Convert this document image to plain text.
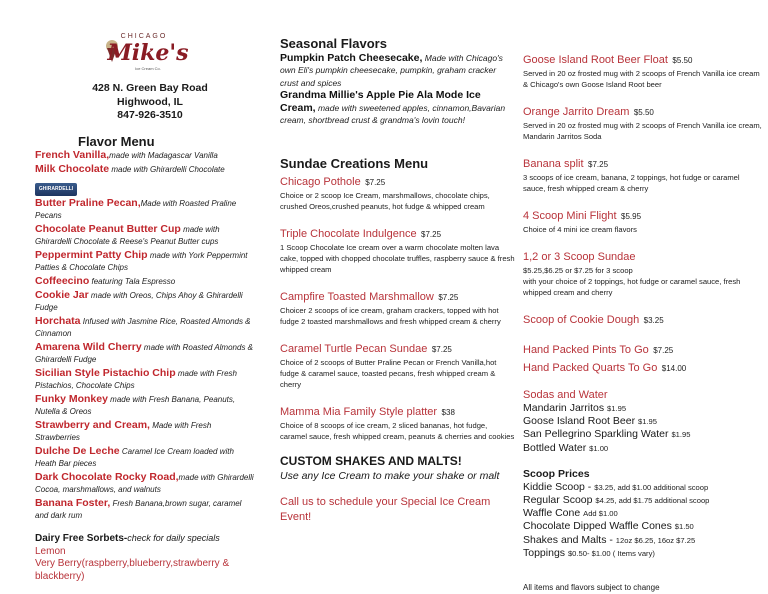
CHICAGO
Mike's
Ice Cream Co.
428 N. Green Bay Road
Highwood, IL
847-926-3510
Flavor Menu
French Vanilla,made with Madagascar Vanilla
Milk Chocolate made with Ghirardelli Chocolate
GHIRARDELLI
Butter Praline Pecan,Made with Roasted Praline Pecans
Chocolate Peanut Butter Cup made with Ghirardelli Chocolate & Reese's Peanut Butter cups
Peppermint Patty Chip made with York Peppermint Patties & Chocolate Chips
Coffeecino featuring Tala Espresso
Cookie Jar made with Oreos, Chips Ahoy & Ghirardelli Fudge
Horchata Infused with Jasmine Rice, Roasted Almonds & Cinnamon
Amarena Wild Cherry made with Roasted Almonds & Ghirardelli Fudge
Sicilian Style Pistachio Chip made with Fresh Pistachios, Chocolate Chips
Funky Monkey made with Fresh Banana, Peanuts, Nutella & Oreos
Strawberry and Cream, Made with Fresh Strawberries
Dulche De Leche Caramel Ice Cream loaded with Heath Bar pieces
Dark Chocolate Rocky Road,made with Ghirardelli Cocoa, marshmallows, and walnuts
Banana Foster, Fresh Banana,brown sugar, caramel and dark rum
Dairy Free Sorbets-check for daily specials
Lemon
Very Berry(raspberry,blueberry,strawberry & blackberry)
Seasonal Flavors
Pumpkin Patch Cheesecake, Made with Chicago's own Eli's pumpkin cheesecake, pumpkin, graham cracker crust and spices
Grandma Millie's Apple Pie Ala Mode Ice Cream, made with sweetened apples, cinnamon,Bavarian cream, shortbread crust & grandma's lovin touch!
Sundae Creations Menu
Chicago Pothole $7.25
Choice or 2 scoop Ice Cream, marshmallows, chocolate chips, crushed Oreos,crushed peanuts, hot fudge & whipped cream
Triple Chocolate Indulgence $7.25
1 Scoop Chocolate Ice cream over a warm chocolate molten lava cake, topped with chopped chocolate truffles, raspberry sauce & fresh whipped cream
Campfire Toasted Marshmallow $7.25
Choicer 2 scoops of ice cream, graham crackers, topped with hot fudge 2 toasted marshmallows and fresh whipped cream & cherry
Caramel Turtle Pecan Sundae $7.25
Choice of 2 scoops of Butter Praline Pecan or French Vanilla,hot fudge & caramel sauce, toasted pecans, fresh whipped cream & cherry
Mamma Mia Family Style platter $38
Choice of 8 scoops of ice cream, 2 sliced bananas, hot fudge, caramel sauce, fresh whipped cream, peanuts & cherries and cookies
CUSTOM SHAKES AND MALTS!
Use any Ice Cream to make your shake or malt
Call us to schedule your Special Ice Cream Event!
Goose Island Root Beer Float $5.50
Served in 20 oz frosted mug with 2 scoops of French Vanilla ice cream & Chicago's own Goose Island Root beer
Orange Jarrito Dream $5.50
Served in 20 oz frosted mug with 2 scoops of French Vanilla ice cream, Mandarin Jarritos Soda
Banana split $7.25
3 scoops of ice cream, banana, 2 toppings, hot fudge or caramel sauce, fresh whipped cream & cherry
4 Scoop Mini Flight $5.95
Choice of 4 mini ice cream flavors
1,2 or 3 Scoop Sundae
$5.25,$6.25 or $7.25 for 3 scoop
with your choice of 2 toppings, hot fudge or caramel sauce, fresh whipped cream and cherry
Scoop of Cookie Dough $3.25
Hand Packed Pints To Go $7.25
Hand Packed Quarts To Go $14.00
Sodas and Water
Mandarin Jarritos $1.95
Goose Island Root Beer $1.95
San Pellegrino Sparkling Water $1.95
Bottled Water $1.00
Scoop Prices
Kiddie Scoop - $3.25, add $1.00 additional scoop
Regular Scoop $4.25, add $1.75 additional scoop
Waffle Cone Add $1.00
Chocolate Dipped Waffle Cones $1.50
Shakes and Malts - 12oz $6.25, 16oz $7.25
Toppings $0.50- $1.00 ( Items vary)
All items and flavors subject to change
